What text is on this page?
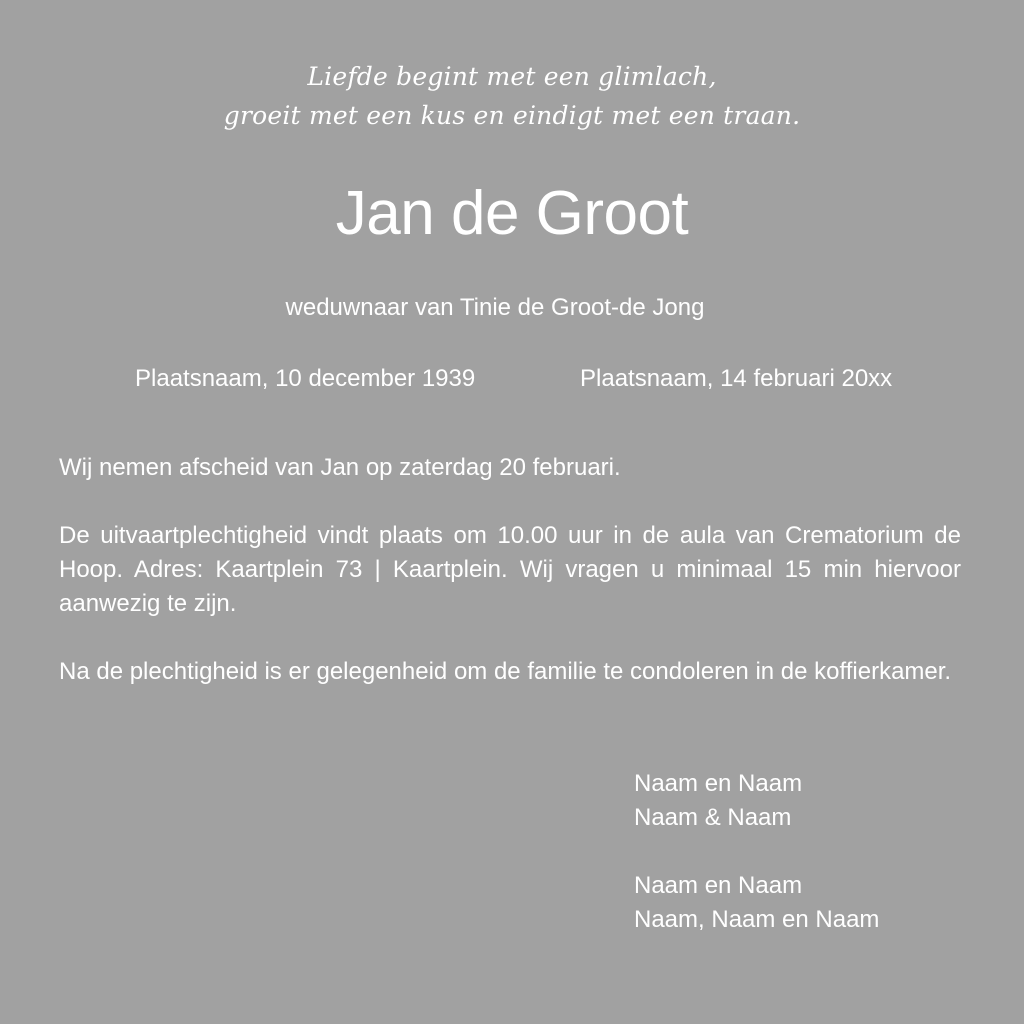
Liefde begint met een glimlach,
groeit met een kus en eindigt met een traan.
Jan de Groot
weduwnaar van Tinie de Groot-de Jong
Plaatsnaam, 10 december 1939	Plaatsnaam, 14 februari 20xx
Wij nemen afscheid van Jan op zaterdag 20 februari.
De uitvaartplechtigheid vindt plaats om 10.00 uur in de aula van Crematorium de Hoop. Adres: Kaartplein 73 | Kaartplein. Wij vragen u minimaal 15 min hiervoor aanwezig te zijn.
Na de plechtigheid is er gelegenheid om de familie te condoleren in de koffierkamer.
Naam en Naam
Naam & Naam
Naam en Naam
Naam, Naam en Naam
